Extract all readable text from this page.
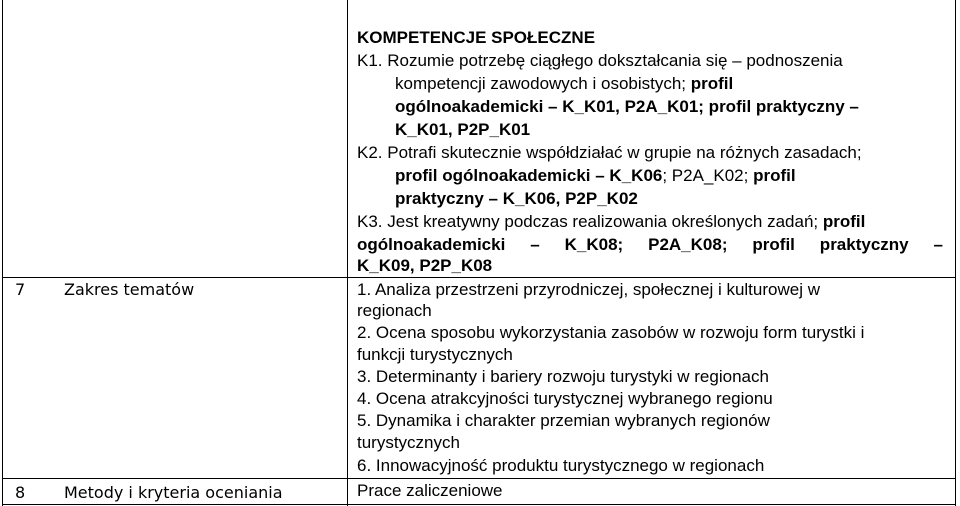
KOMPETENCJE SPOŁECZNE
K1. Rozumie potrzebę ciągłego dokształcania się – podnoszenia
kompetencji zawodowych i osobistych; profil
ogólnoakademicki – K_K01, P2A_K01; profil praktyczny –
K_K01, P2P_K01
K2. Potrafi skutecznie współdziałać w grupie na różnych zasadach;
profil ogólnoakademicki – K_K06; P2A_K02; profil
praktyczny – K_K06, P2P_K02
K3. Jest kreatywny podczas realizowania określonych zadań; profil
ogólnoakademicki – K_K08; P2A_K08; profil praktyczny –
K_K09, P2P_K08
7 Zakres tematów	1. Analiza przestrzeni przyrodniczej, społecznej i kulturowej w
regionach
2. Ocena sposobu wykorzystania zasobów w rozwoju form turystki i
funkcji turystycznych
3. Determinanty i bariery rozwoju turystyki w regionach
4. Ocena atrakcyjności turystycznej wybranego regionu
5. Dynamika i charakter przemian wybranych regionów
turystycznych
6. Innowacyjność produktu turystycznego w regionach
8 Metody i kryteria oceniania	Prace zaliczeniowe
